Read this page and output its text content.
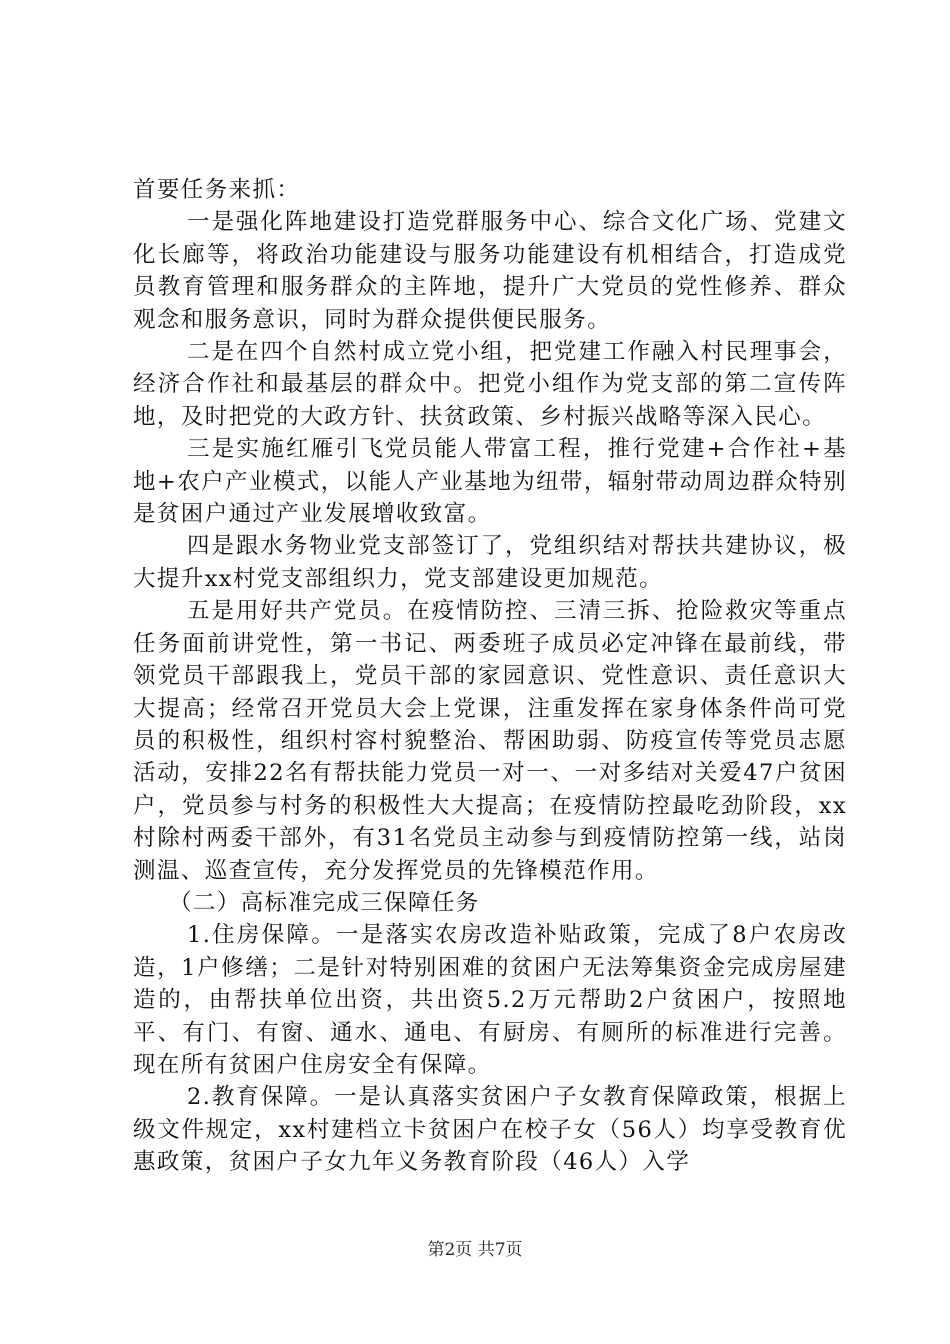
首要任务来抓：

一是强化阵地建设打造党群服务中心、综合文化广场、党建文化长廊等，将政治功能建设与服务功能建设有机相结合，打造成党员教育管理和服务群众的主阵地，提升广大党员的党性修养、群众观念和服务意识，同时为群众提供便民服务。

二是在四个自然村成立党小组，把党建工作融入村民理事会，经济合作社和最基层的群众中。把党小组作为党支部的第二宣传阵地，及时把党的大政方针、扶贫政策、乡村振兴战略等深入民心。

三是实施红雁引飞党员能人带富工程，推行党建+合作社+基地+农户产业模式，以能人产业基地为纽带，辐射带动周边群众特别是贫困户通过产业发展增收致富。

四是跟水务物业党支部签订了，党组织结对帮扶共建协议，极大提升xx村党支部组织力，党支部建设更加规范。

五是用好共产党员。在疫情防控、三清三拆、抢险救灾等重点任务面前讲党性，第一书记、两委班子成员必定冲锋在最前线，带领党员干部跟我上，党员干部的家园意识、党性意识、责任意识大大提高；经常召开党员大会上党课，注重发挥在家身体条件尚可党员的积极性，组织村容村貌整治、帮困助弱、防疫宣传等党员志愿活动，安排22名有帮扶能力党员一对一、一对多结对关爱47户贫困户，党员参与村务的积极性大大提高；在疫情防控最吃劲阶段，xx村除村两委干部外，有31名党员主动参与到疫情防控第一线，站岗测温、巡查宣传，充分发挥党员的先锋模范作用。

（二）高标准完成三保障任务

1.住房保障。一是落实农房改造补贴政策，完成了8户农房改造，1户修缮；二是针对特别困难的贫困户无法筹集资金完成房屋建造的，由帮扶单位出资，共出资5.2万元帮助2户贫困户，按照地平、有门、有窗、通水、通电、有厨房、有厕所的标准进行完善。现在所有贫困户住房安全有保障。

2.教育保障。一是认真落实贫困户子女教育保障政策，根据上级文件规定，xx村建档立卡贫困户在校子女（56人）均享受教育优惠政策，贫困户子女九年义务教育阶段（46人）入学

第2页 共7页
